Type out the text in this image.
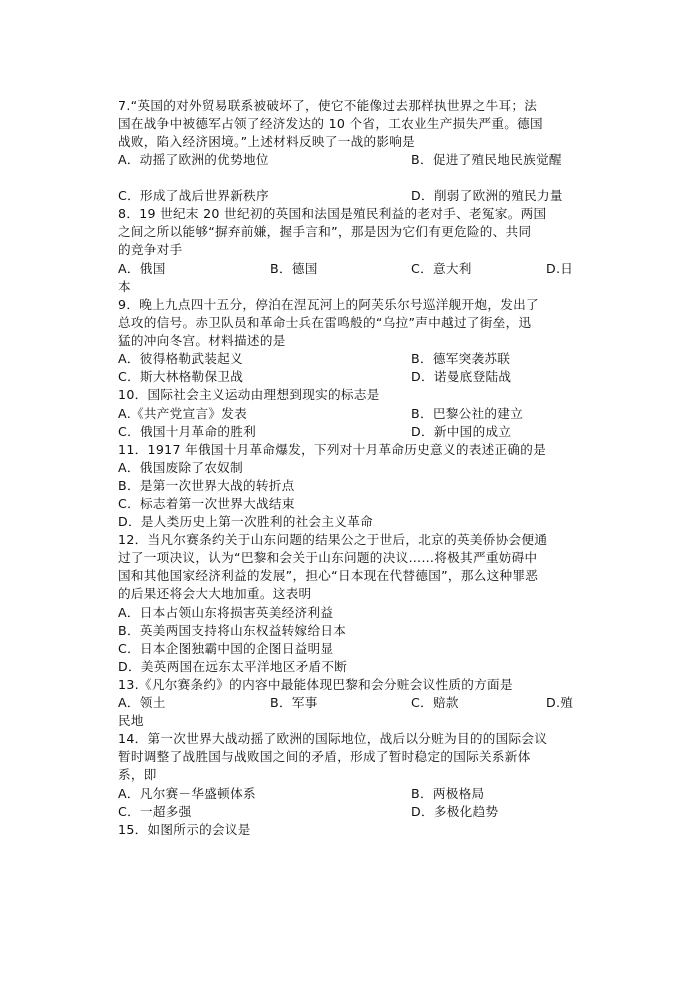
7.“英国的对外贸易联系被破坏了，使它不能像过去那样执世界之牛耳；法
国在战争中被德军占领了经济发达的 10 个省，工农业生产损失严重。德国
战败，陷入经济困境。”上述材料反映了一战的影响是
A．动摇了欧洲的优势地位	B．促进了殖民地民族觉醒
C．形成了战后世界新秩序	D．削弱了欧洲的殖民力量
8．19 世纪末 20 世纪初的英国和法国是殖民利益的老对手、老冤家。两国
之间之所以能够“摒弃前嫌，握手言和”，那是因为它们有更危险的、共同
的竞争对手
A．俄国	B．德国	C．意大利	D.日
本
9．晚上九点四十五分，停泊在涅瓦河上的阿芙乐尔号巡洋舰开炮，发出了
总攻的信号。赤卫队员和革命士兵在雷鸣般的“乌拉”声中越过了街垒，迅
猛的冲向冬宫。材料描述的是
A．彼得格勒武装起义	B．德军突袭苏联
C．斯大林格勒保卫战	D．诺曼底登陆战
10．国际社会主义运动由理想到现实的标志是
A.《共产党宣言》发表	B．巴黎公社的建立
C．俄国十月革命的胜利	D．新中国的成立
11．1917 年俄国十月革命爆发，下列对十月革命历史意义的表述正确的是
A．俄国废除了农奴制
B．是第一次世界大战的转折点
C．标志着第一次世界大战结束
D．是人类历史上第一次胜利的社会主义革命
12．当凡尔赛条约关于山东问题的结果公之于世后，北京的英美侨协会便通
过了一项决议，认为“巴黎和会关于山东问题的决议……将极其严重妨碍中
国和其他国家经济利益的发展”，担心“日本现在代替德国”，那么这种罪恶
的后果还将会大大地加重。这表明
A．日本占领山东将损害英美经济利益
B．英美两国支持将山东权益转嫁给日本
C．日本企图独霸中国的企图日益明显
D．美英两国在远东太平洋地区矛盾不断
13.《凡尔赛条约》的内容中最能体现巴黎和会分赃会议性质的方面是
A．领土	B．军事	C．赔款	D.殖
民地
14．第一次世界大战动摇了欧洲的国际地位，战后以分赃为目的的国际会议
暂时调整了战胜国与战败国之间的矛盾，形成了暂时稳定的国际关系新体
系，即
A．凡尔赛－华盛顿体系	B．两极格局
C．一超多强	D．多极化趋势
15．如图所示的会议是
